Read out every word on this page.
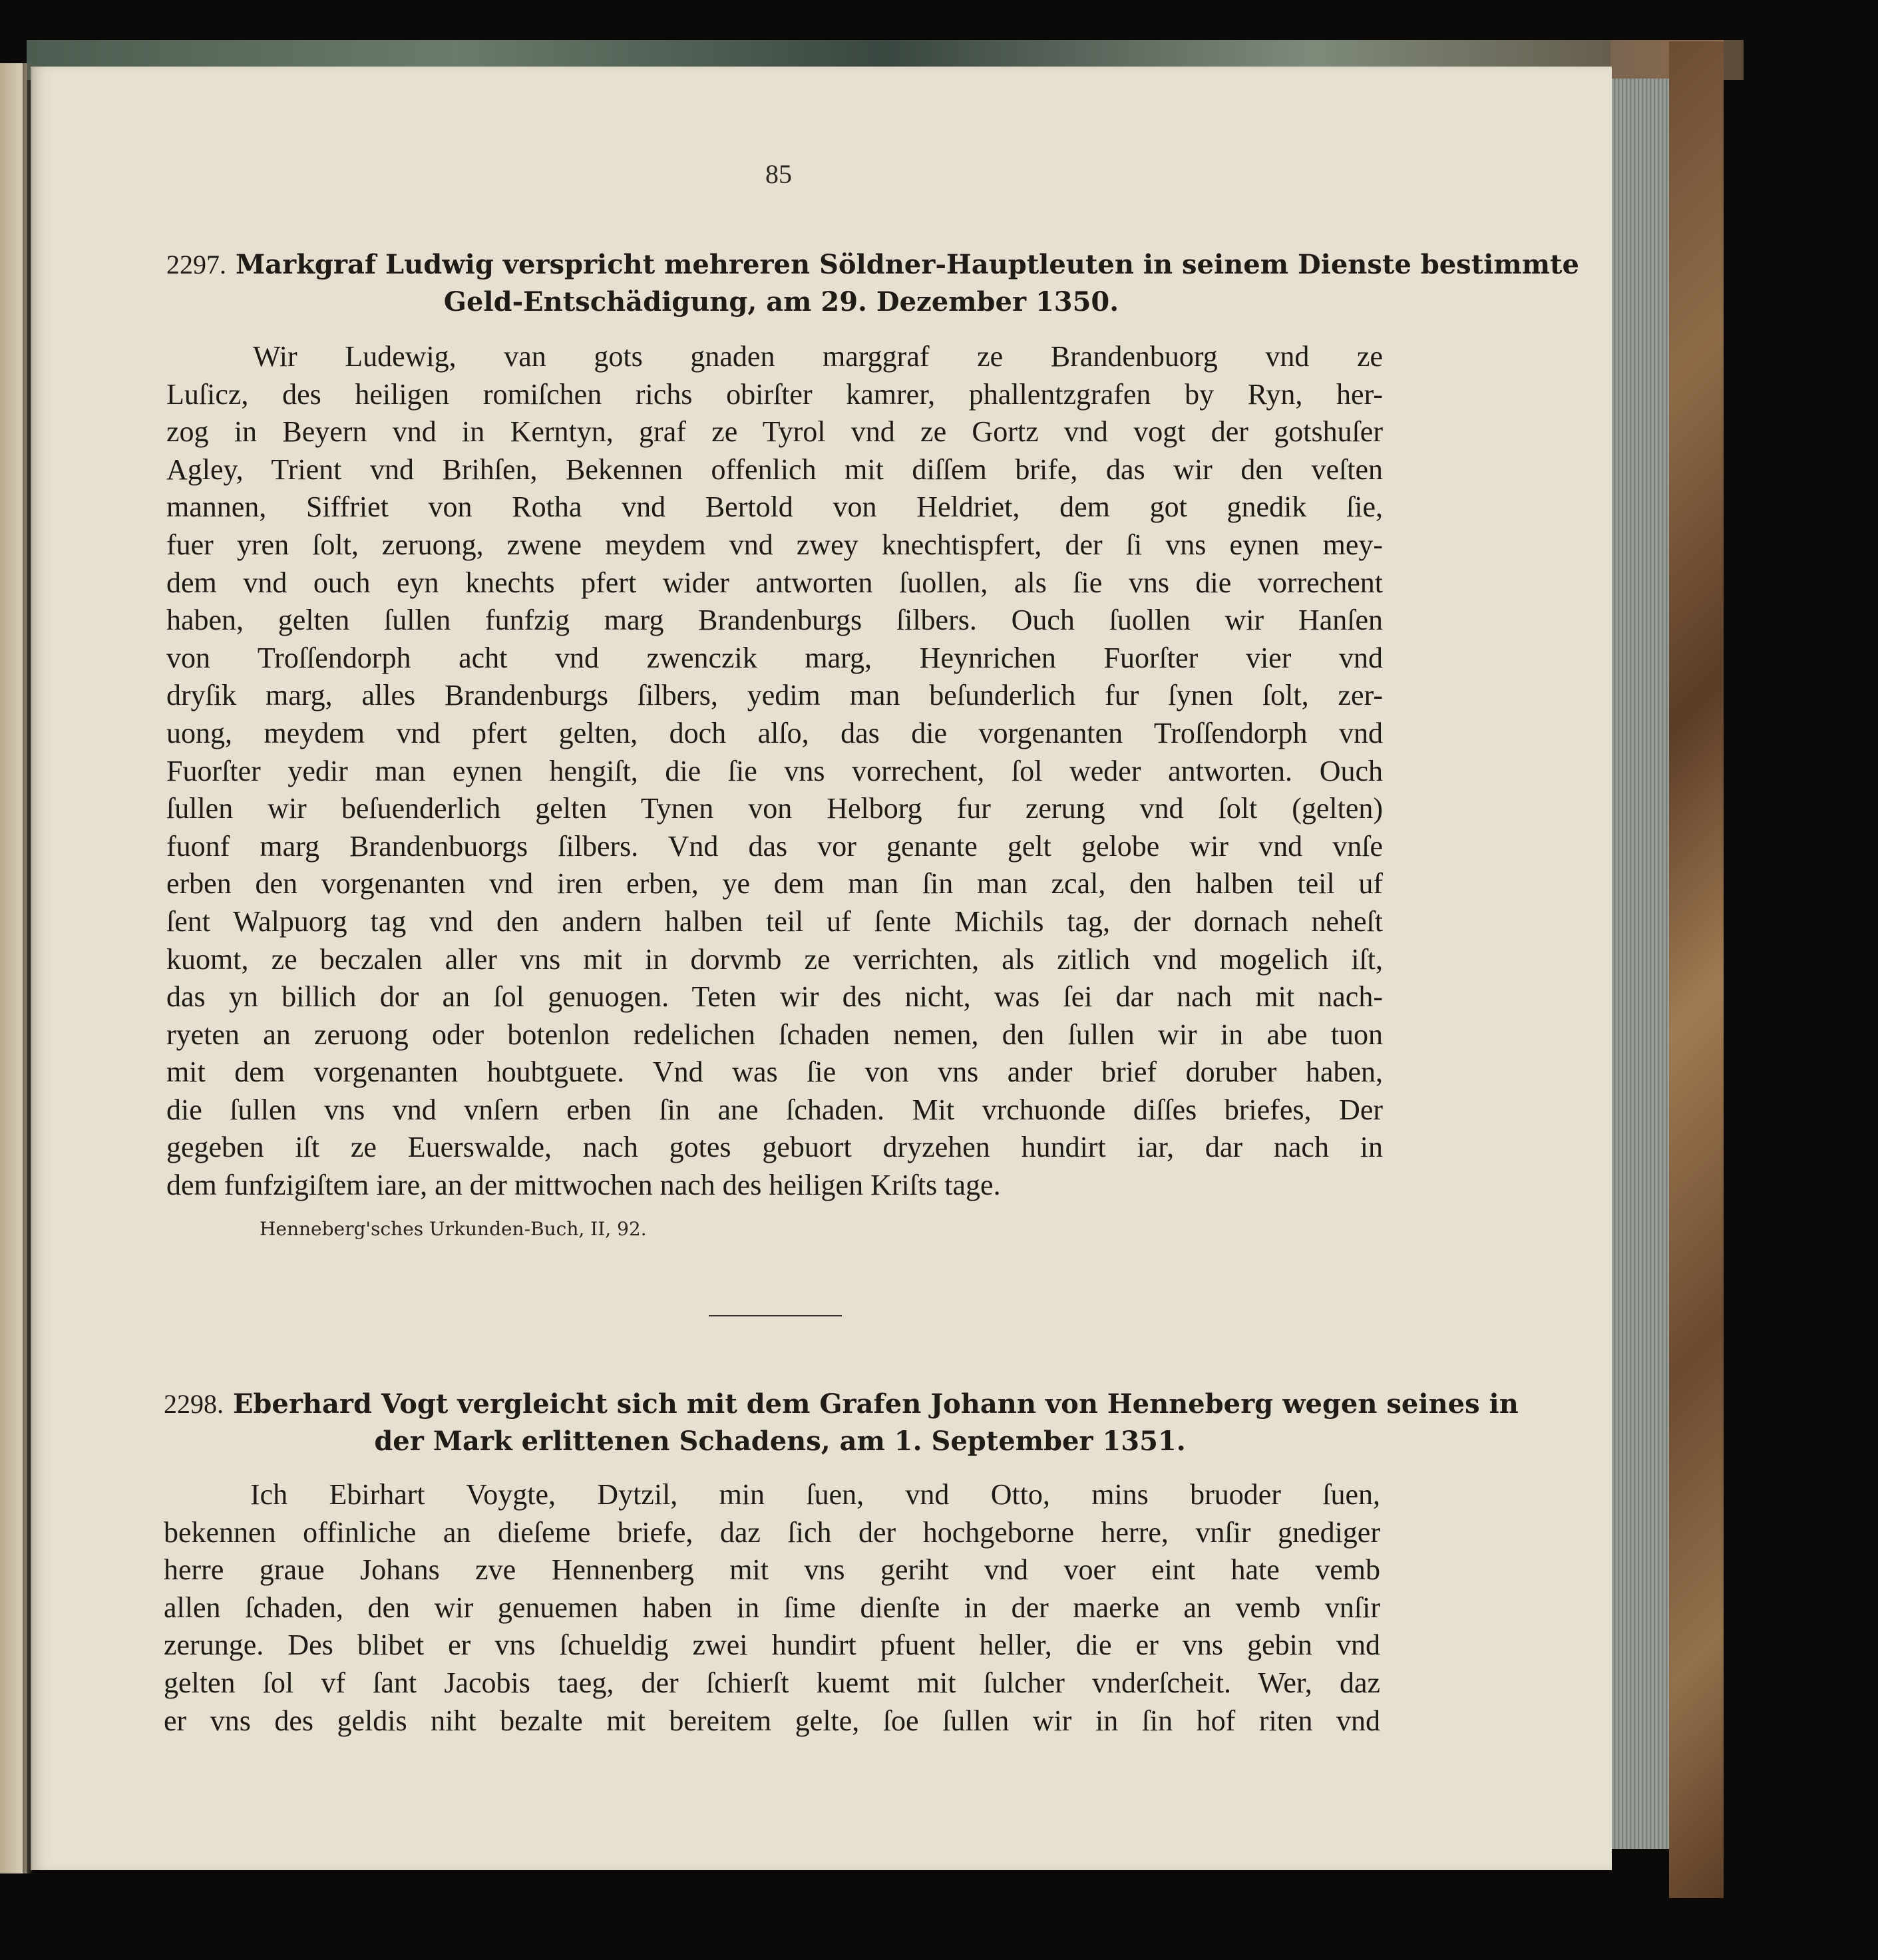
85
2297. Markgraf Ludwig verspricht mehreren Söldner-Hauptleuten in seinem Dienste bestimmte
Geld-Entschädigung, am 29. Dezember 1350.
Wir Ludewig, van gots gnaden marggraf ze Brandenbuorg vnd ze
Luſicz, des heiligen romiſchen richs obirſter kamrer, phallentzgrafen by Ryn, her-
zog in Beyern vnd in Kerntyn, graf ze Tyrol vnd ze Gortz vnd vogt der gotshuſer
Agley, Trient vnd Brihſen, Bekennen offenlich mit diſſem brife, das wir den veſten
mannen, Siffriet von Rotha vnd Bertold von Heldriet, dem got gnedik ſie,
fuer yren ſolt, zeruong, zwene meydem vnd zwey knechtispfert, der ſi vns eynen mey-
dem vnd ouch eyn knechts pfert wider antworten ſuollen, als ſie vns die vorrechent
haben, gelten ſullen funfzig marg Brandenburgs ſilbers. Ouch ſuollen wir Hanſen
von Troſſendorph acht vnd zwenczik marg, Heynrichen Fuorſter vier vnd
dryſik marg, alles Brandenburgs ſilbers, yedim man beſunderlich fur ſynen ſolt, zer-
uong, meydem vnd pfert gelten, doch alſo, das die vorgenanten Troſſendorph vnd
Fuorſter yedir man eynen hengiſt, die ſie vns vorrechent, ſol weder antworten. Ouch
ſullen wir beſuenderlich gelten Tynen von Helborg fur zerung vnd ſolt (gelten)
fuonf marg Brandenbuorgs ſilbers. Vnd das vor genante gelt gelobe wir vnd vnſe
erben den vorgenanten vnd iren erben, ye dem man ſin man zcal, den halben teil uf
ſent Walpuorg tag vnd den andern halben teil uf ſente Michils tag, der dornach neheſt
kuomt, ze beczalen aller vns mit in dorvmb ze verrichten, als zitlich vnd mogelich iſt,
das yn billich dor an ſol genuogen. Teten wir des nicht, was ſei dar nach mit nach-
ryeten an zeruong oder botenlon redelichen ſchaden nemen, den ſullen wir in abe tuon
mit dem vorgenanten houbtguete. Vnd was ſie von vns ander brief doruber haben,
die ſullen vns vnd vnſern erben ſin ane ſchaden. Mit vrchuonde diſſes briefes, Der
gegeben iſt ze Euerswalde, nach gotes gebuort dryzehen hundirt iar, dar nach in
dem funfzigiſtem iare, an der mittwochen nach des heiligen Kriſts tage.
Henneberg'sches Urkunden-Buch, II, 92.
2298. Eberhard Vogt vergleicht sich mit dem Grafen Johann von Henneberg wegen seines in
der Mark erlittenen Schadens, am 1. September 1351.
Ich Ebirhart Voygte, Dytzil, min ſuen, vnd Otto, mins bruoder ſuen,
bekennen offinliche an dieſeme briefe, daz ſich der hochgeborne herre, vnſir gnediger
herre graue Johans zve Hennenberg mit vns geriht vnd voer eint hate vemb
allen ſchaden, den wir genuemen haben in ſime dienſte in der maerke an vemb vnſir
zerunge. Des blibet er vns ſchueldig zwei hundirt pfuent heller, die er vns gebin vnd
gelten ſol vf ſant Jacobis taeg, der ſchierſt kuemt mit ſulcher vnderſcheit. Wer, daz
er vns des geldis niht bezalte mit bereitem gelte, ſoe ſullen wir in ſin hof riten vnd
